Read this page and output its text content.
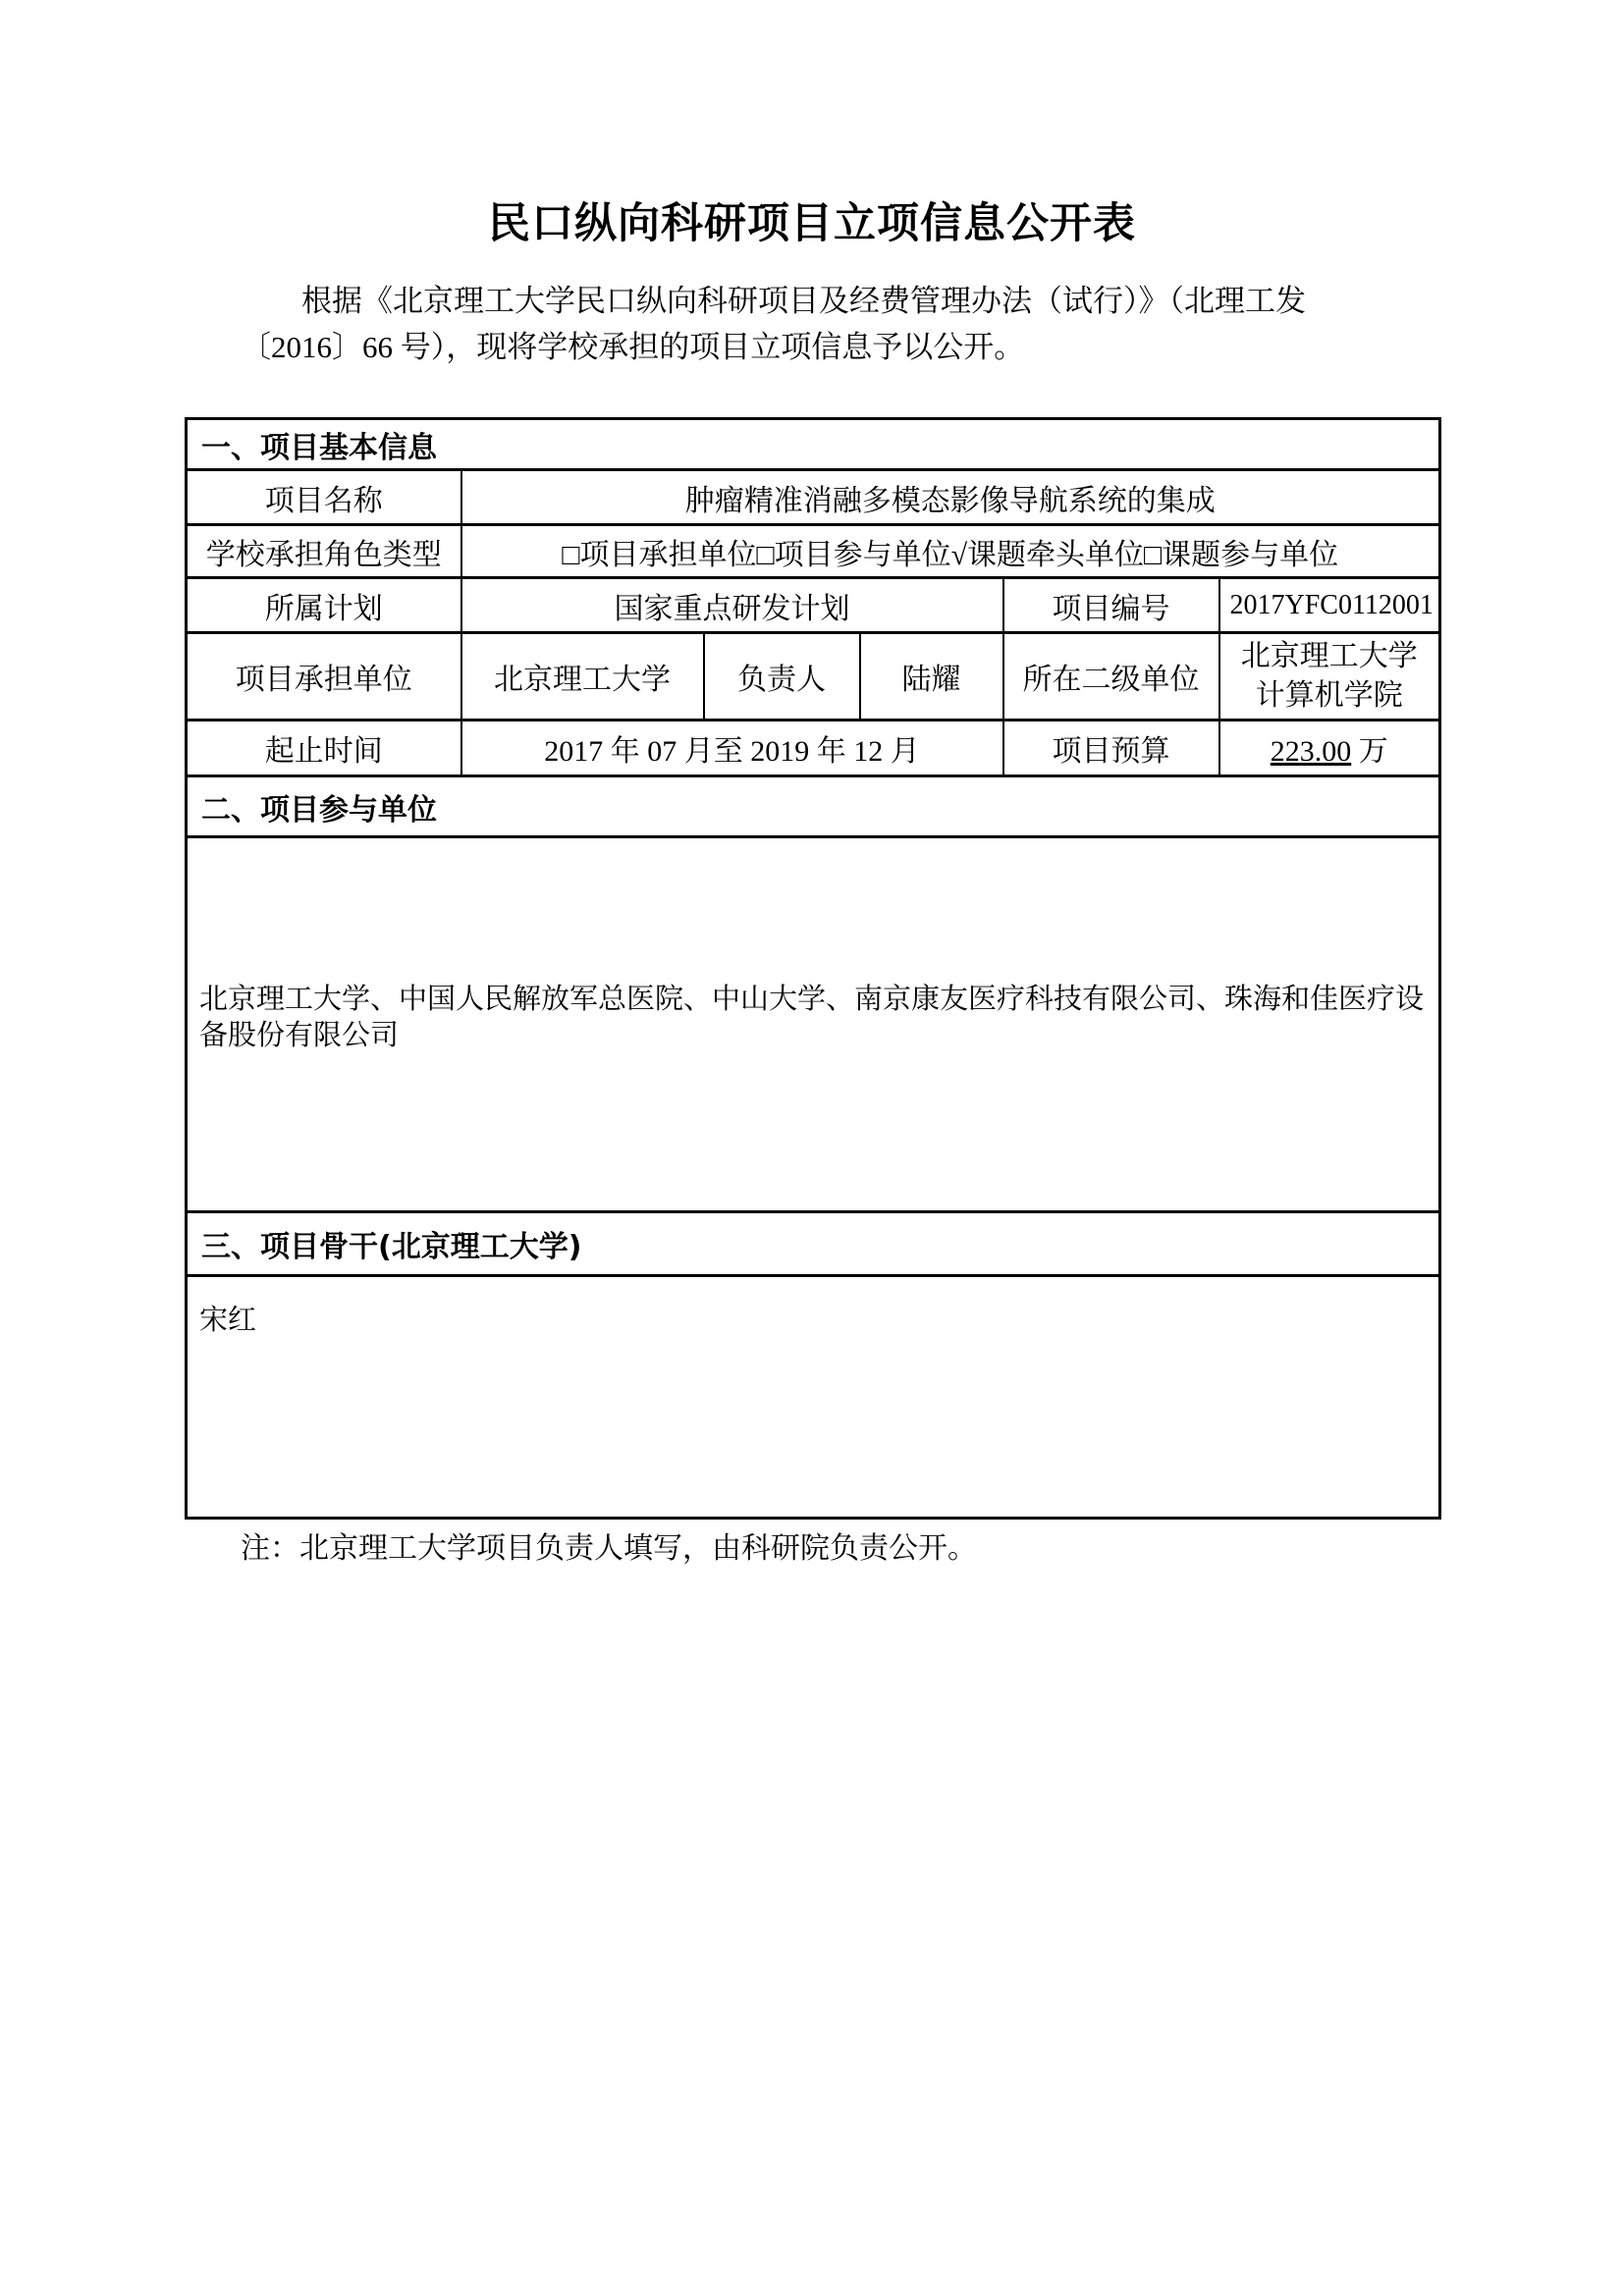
民口纵向科研项目立项信息公开表
根据《北京理工大学民口纵向科研项目及经费管理办法（试行）》（北理工发
〔2016〕66 号），现将学校承担的项目立项信息予以公开。
一、项目基本信息					
项目名称	肿瘤精准消融多模态影像导航系统的集成				
学校承担角色类型	□项目承担单位□项目参与单位√课题牵头单位□课题参与单位				
所属计划	国家重点研发计划			项目编号	2017YFC0112001
项目承担单位	北京理工大学	负责人	陆耀	所在二级单位	北京理工大学
计算机学院

起止时间	2017 年 07 月至 2019 年 12 月			项目预算	223.00 万
二、项目参与单位					
北京理工大学、中国人民解放军总医院、中山大学、南京康友医疗科技有限公司、珠海和佳医疗设备股份有限公司					
三、项目骨干(北京理工大学)					
宋红					
注：北京理工大学项目负责人填写，由科研院负责公开。
